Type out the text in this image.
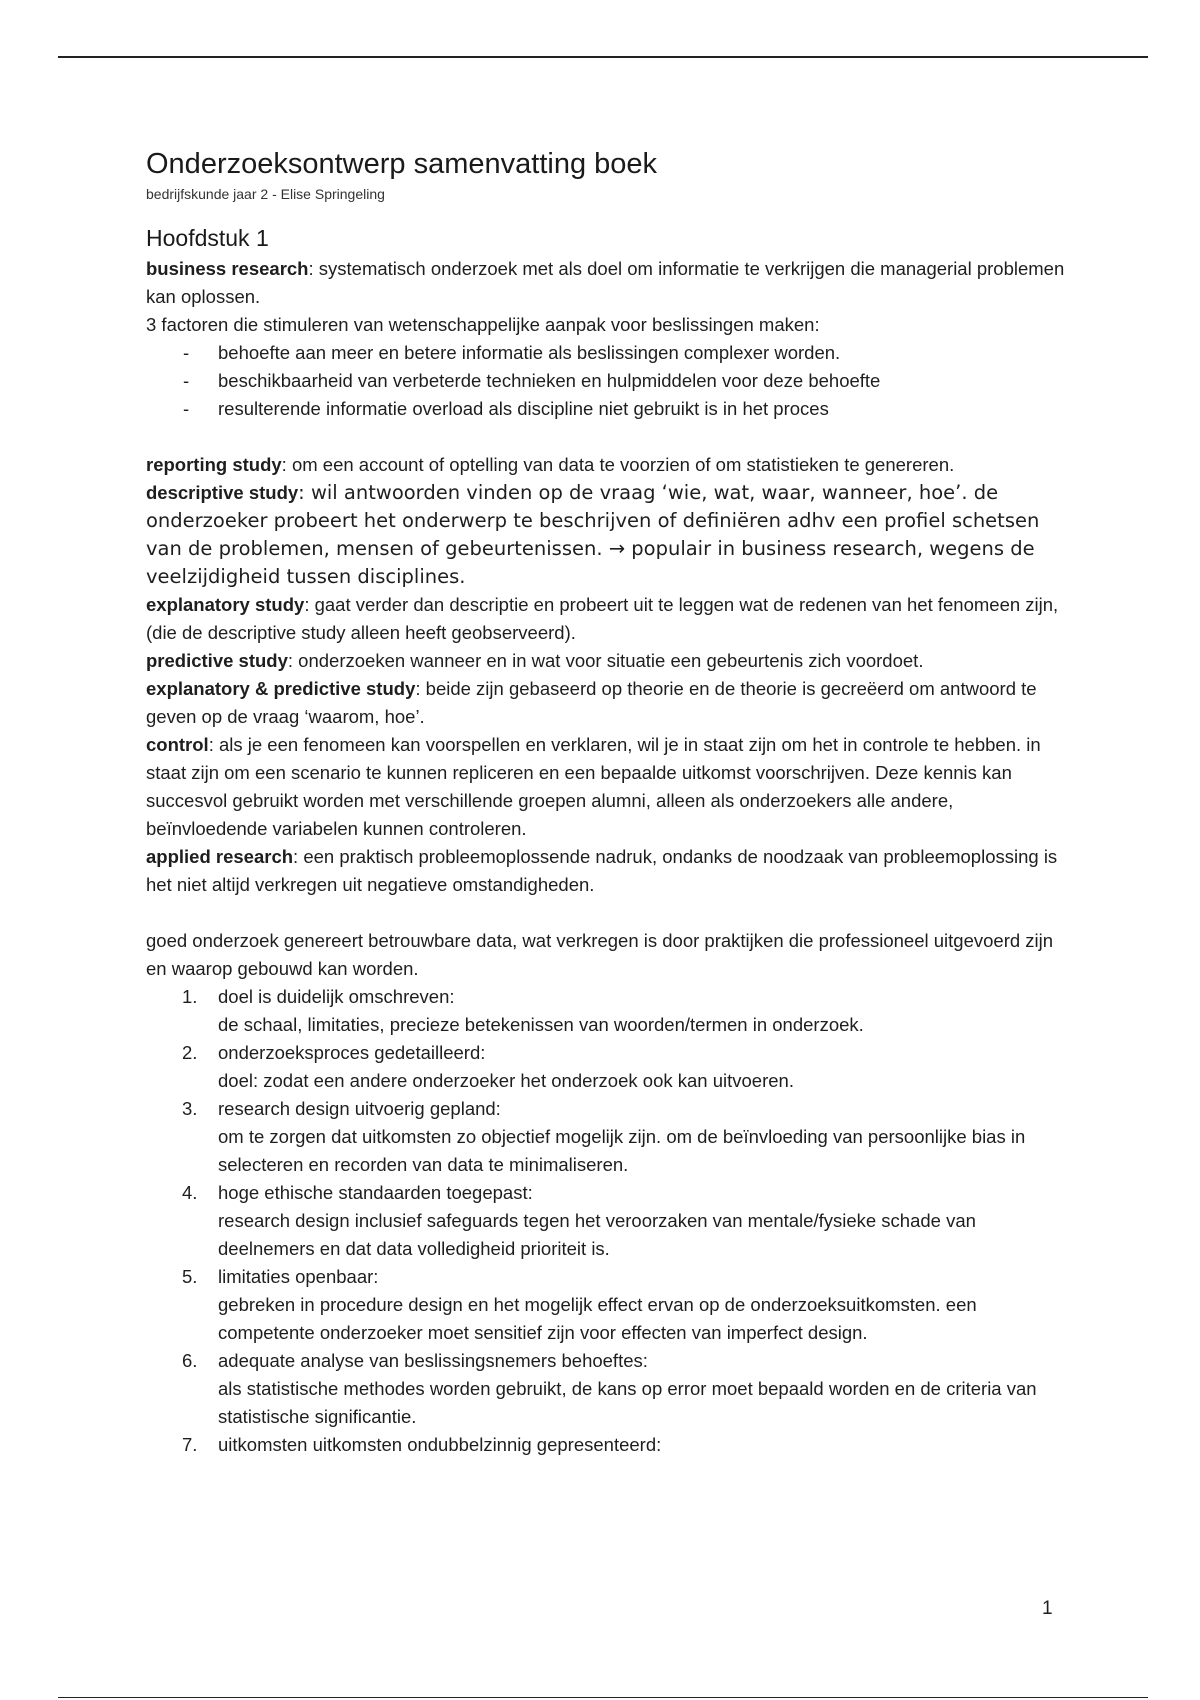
Onderzoeksontwerp samenvatting boek
bedrijfskunde jaar 2 - Elise Springeling
Hoofdstuk 1

business research: systematisch onderzoek met als doel om informatie te verkrijgen die managerial problemen kan oplossen.

3 factoren die stimuleren van wetenschappelijke aanpak voor beslissingen maken:

- behoefte aan meer en betere informatie als beslissingen complexer worden.
- beschikbaarheid van verbeterde technieken en hulpmiddelen voor deze behoefte
- resulterende informatie overload als discipline niet gebruikt is in het proces

reporting study: om een account of optelling van data te voorzien of om statistieken te genereren.

descriptive study: wil antwoorden vinden op de vraag ‘wie, wat, waar, wanneer, hoe’. de onderzoeker probeert het onderwerp te beschrijven of definiëren adhv een profiel schetsen van de problemen, mensen of gebeurtenissen. → populair in business research, wegens de veelzijdigheid tussen disciplines.

explanatory study: gaat verder dan descriptie en probeert uit te leggen wat de redenen van het fenomeen zijn, (die de descriptive study alleen heeft geobserveerd).

predictive study: onderzoeken wanneer en in wat voor situatie een gebeurtenis zich voordoet.

explanatory & predictive study: beide zijn gebaseerd op theorie en de theorie is gecreëerd om antwoord te geven op de vraag ‘waarom, hoe’.

control: als je een fenomeen kan voorspellen en verklaren, wil je in staat zijn om het in controle te hebben. in staat zijn om een scenario te kunnen repliceren en een bepaalde uitkomst voorschrijven. Deze kennis kan succesvol gebruikt worden met verschillende groepen alumni, alleen als onderzoekers alle andere, beïnvloedende variabelen kunnen controleren.

applied research: een praktisch probleemoplossende nadruk, ondanks de noodzaak van probleemoplossing is het niet altijd verkregen uit negatieve omstandigheden.

goed onderzoek genereert betrouwbare data, wat verkregen is door praktijken die professioneel uitgevoerd zijn en waarop gebouwd kan worden.

1. doel is duidelijk omschreven:
de schaal, limitaties, precieze betekenissen van woorden/termen in onderzoek.
2. onderzoeksproces gedetailleerd:
doel: zodat een andere onderzoeker het onderzoek ook kan uitvoeren.
3. research design uitvoerig gepland:
om te zorgen dat uitkomsten zo objectief mogelijk zijn. om de beïnvloeding van persoonlijke bias in selecteren en recorden van data te minimaliseren.
4. hoge ethische standaarden toegepast:
research design inclusief safeguards tegen het veroorzaken van mentale/fysieke schade van deelnemers en dat data volledigheid prioriteit is.
5. limitaties openbaar:
gebreken in procedure design en het mogelijk effect ervan op de onderzoeksuitkomsten. een competente onderzoeker moet sensitief zijn voor effecten van imperfect design.
6. adequate analyse van beslissingsnemers behoeftes:
als statistische methodes worden gebruikt, de kans op error moet bepaald worden en de criteria van statistische significantie.
7. uitkomsten uitkomsten ondubbelzinnig gepresenteerd:
1
